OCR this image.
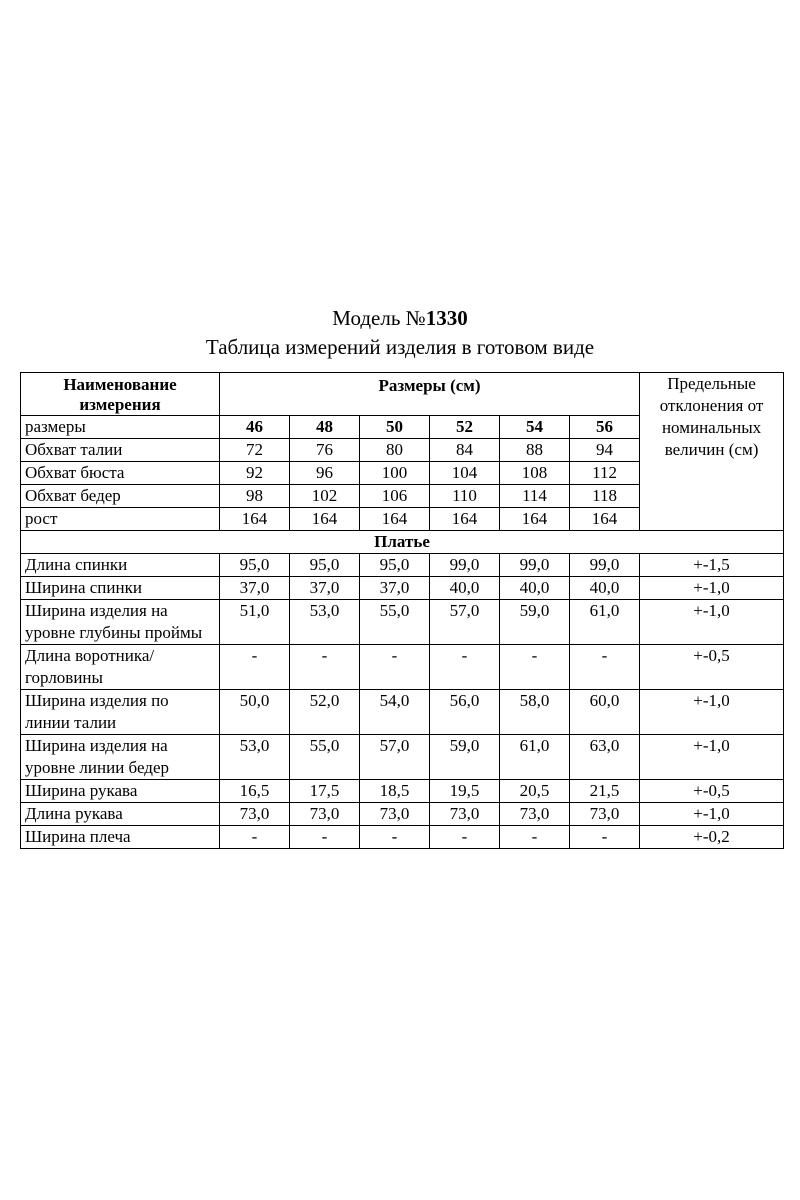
Модель №1330
Таблица измерений изделия в готовом виде
Наименование измерения	Размеры (см)						Предельные отклонения от номинальных величин (см)
размеры	46	48	50	52	54	56	
Обхват талии	72	76	80	84	88	94	
Обхват бюста	92	96	100	104	108	112	
Обхват бедер	98	102	106	110	114	118	
рост	164	164	164	164	164	164	
Платье							
Длина спинки	95,0	95,0	95,0	99,0	99,0	99,0	+-1,5
Ширина спинки	37,0	37,0	37,0	40,0	40,0	40,0	+-1,0
Ширина изделия на уровне глубины проймы	51,0	53,0	55,0	57,0	59,0	61,0	+-1,0
Длина воротника/горловины	-	-	-	-	-	-	+-0,5
Ширина изделия по линии талии	50,0	52,0	54,0	56,0	58,0	60,0	+-1,0
Ширина изделия на уровне линии бедер	53,0	55,0	57,0	59,0	61,0	63,0	+-1,0
Ширина рукава	16,5	17,5	18,5	19,5	20,5	21,5	+-0,5
Длина рукава	73,0	73,0	73,0	73,0	73,0	73,0	+-1,0
Ширина плеча	-	-	-	-	-	-	+-0,2
